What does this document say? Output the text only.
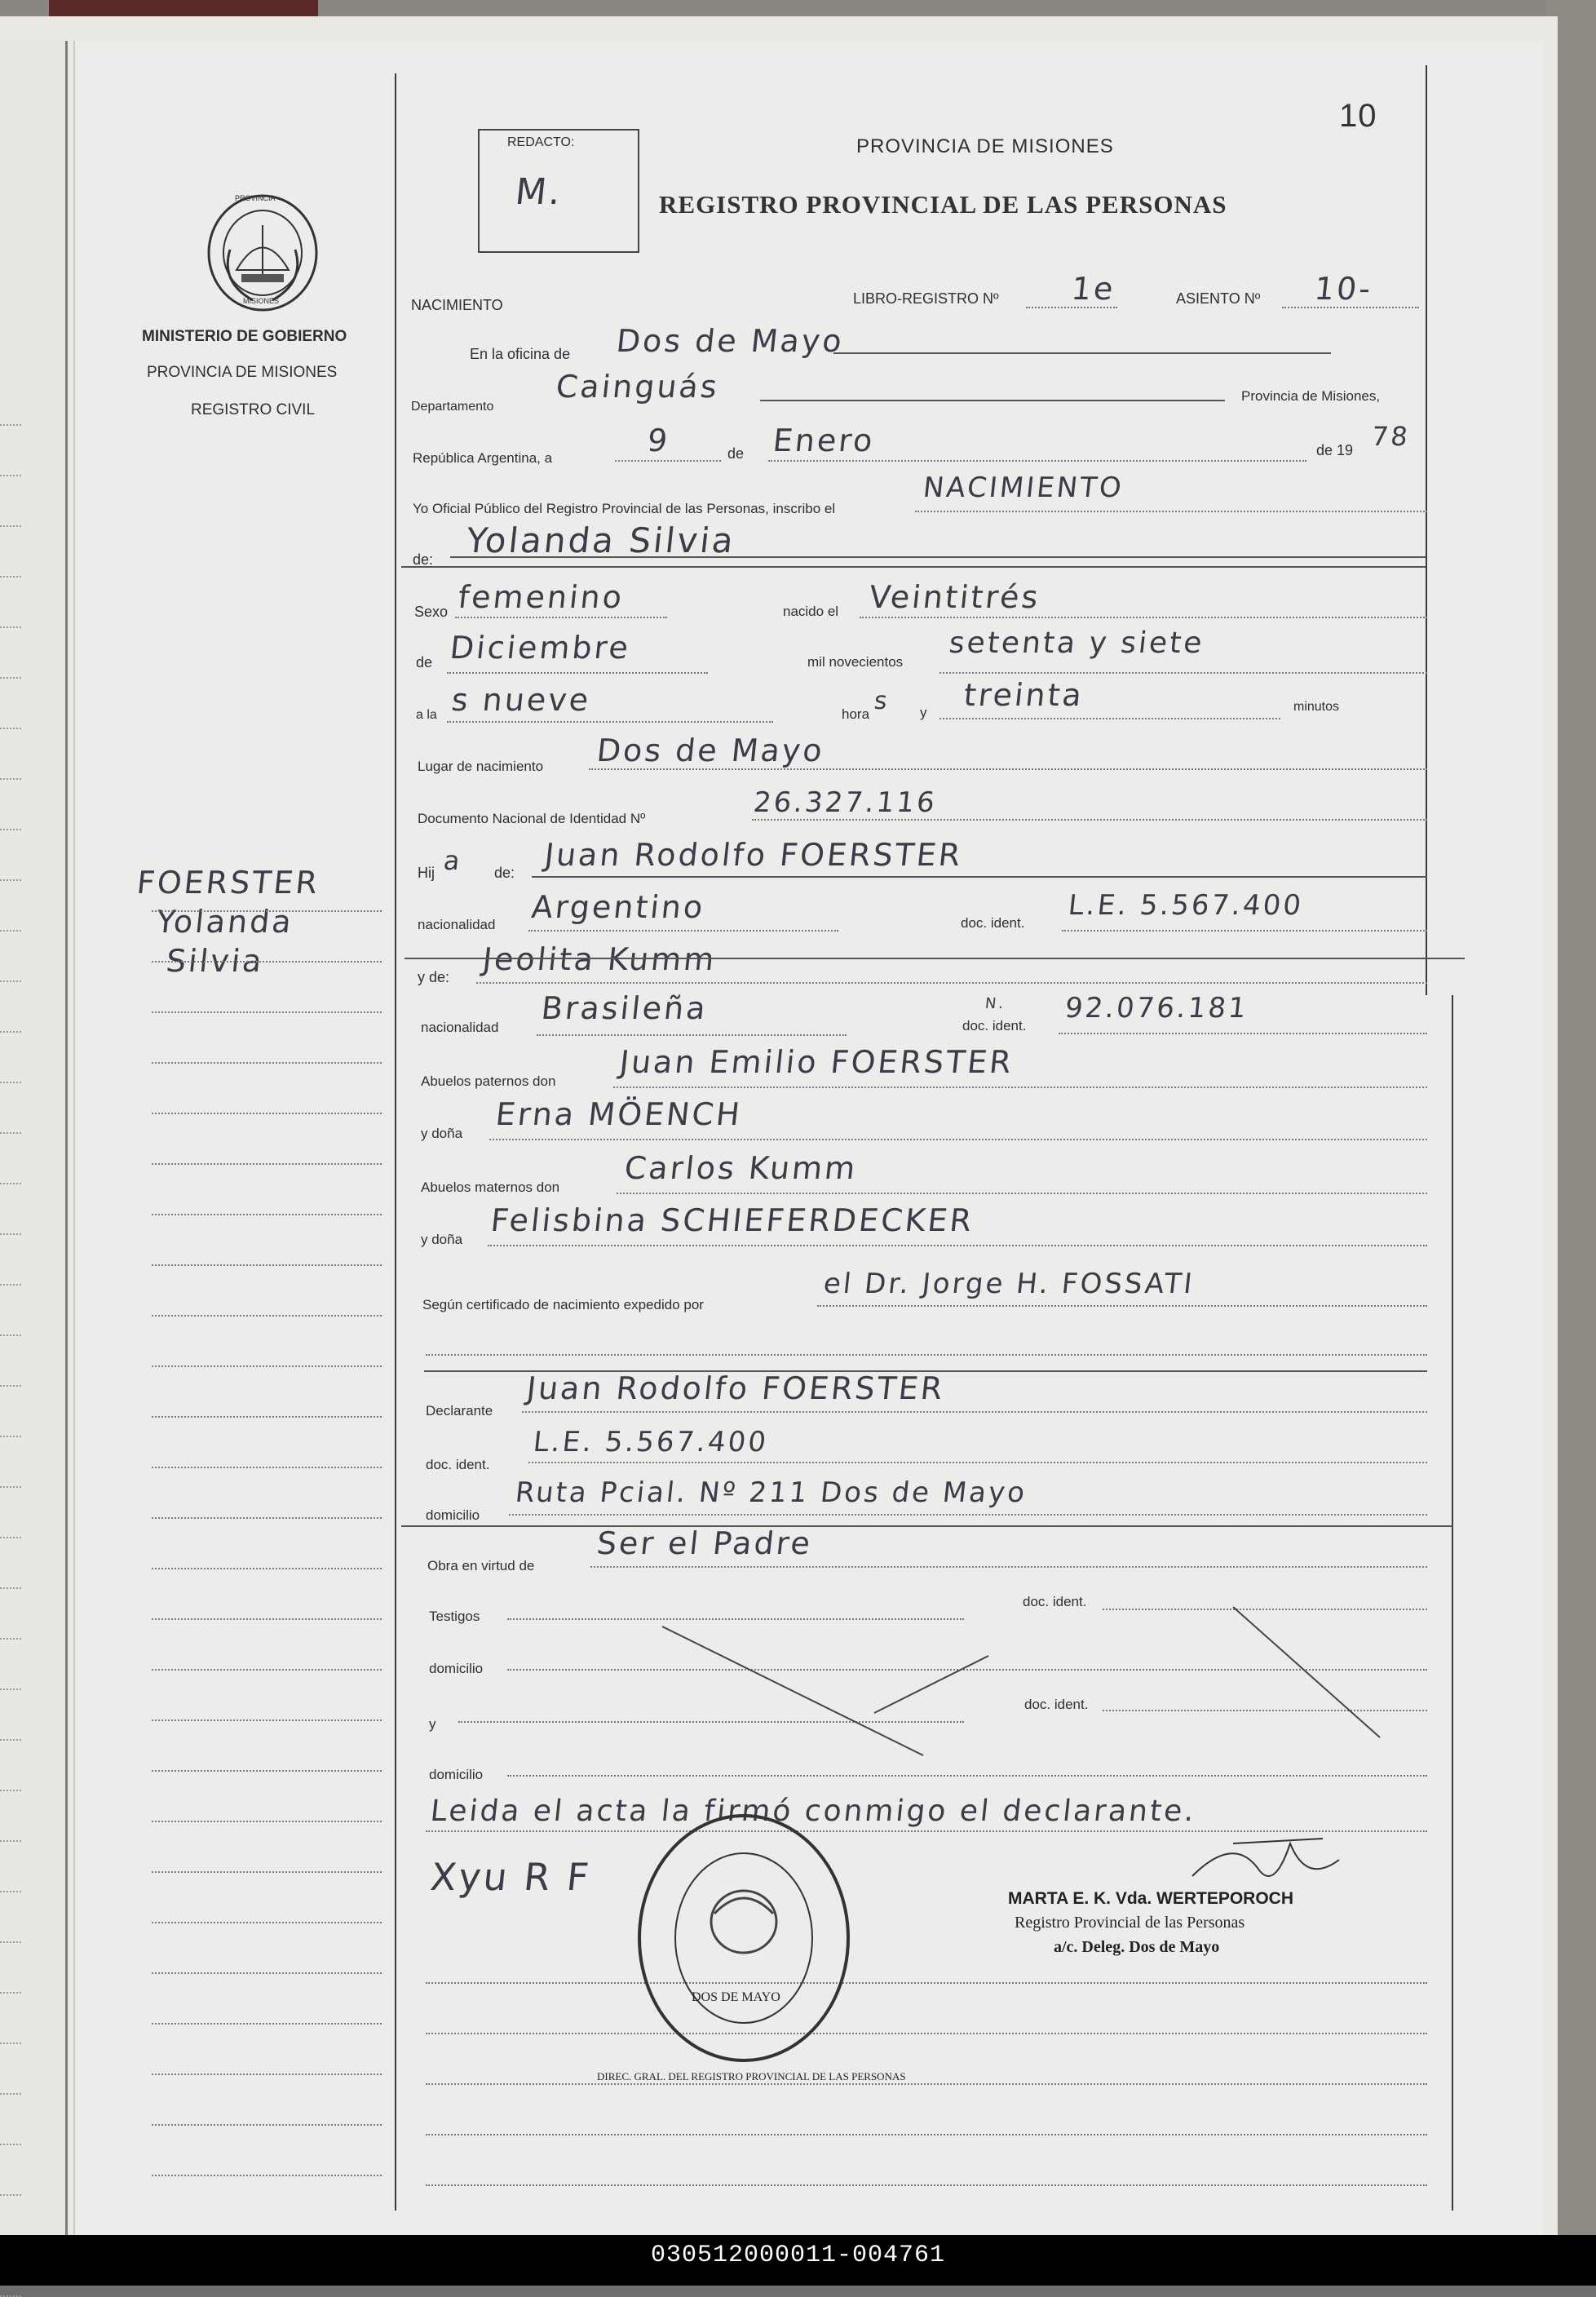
10
REDACTO:
M.
PROVINCIA DE MISIONES
REGISTRO PROVINCIAL DE LAS PERSONAS
PROVINCIA
MISIONES
MINISTERIO DE GOBIERNO
PROVINCIA DE MISIONES
REGISTRO CIVIL
FOERSTER
Yolanda
Silvia
NACIMIENTO	LIBRO-REGISTRO Nº 1e	ASIENTO Nº 10-
En la oficina de Dos de Mayo
Departamento
Cainguás	Provincia de Misiones,
República Argentina, a	9	de Enero	de 19 78
Yo Oficial Público del Registro Provincial de las Personas, inscribo el
NACIMIENTO
de: Yolanda Silvia
Sexo femenino	nacido el Veintitrés
de Diciembre	mil novecientos
setenta y siete
a la s nueve	hora s y treinta	minutos
Lugar de nacimiento Dos de Mayo
Documento Nacional de Identidad Nº	26.327.116
Hij a de: Juan Rodolfo FOERSTER
nacionalidad Argentino	doc. ident.
L.E. 5.567.400
y de: Jeolita Kumm
nacionalidad
Brasileña	N.
doc. ident.
92.076.181
Abuelos paternos don
Juan Emilio FOERSTER
y doña
Erna MÖENCH
Abuelos maternos don
Carlos Kumm
y doña
Felisbina SCHIEFERDECKER
Según certificado de nacimiento expedido por
el Dr. Jorge H. FOSSATI
Declarante
Juan Rodolfo FOERSTER
doc. ident.
L.E. 5.567.400
domicilio
Ruta Pcial. Nº 211 Dos de Mayo
Obra en virtud de
Ser el Padre
Testigos
doc. ident.
domicilio
y
doc. ident.
domicilio
Leida el acta la firmó conmigo el declarante.
Xyu R F	MARTA E. K. Vda. WERTEPOROCH
Registro Provincial de las Personas
a/c. Deleg. Dos de Mayo
DOS DE MAYO
DIREC. GRAL. DEL REGISTRO PROVINCIAL DE LAS PERSONAS
030512000011-004761
